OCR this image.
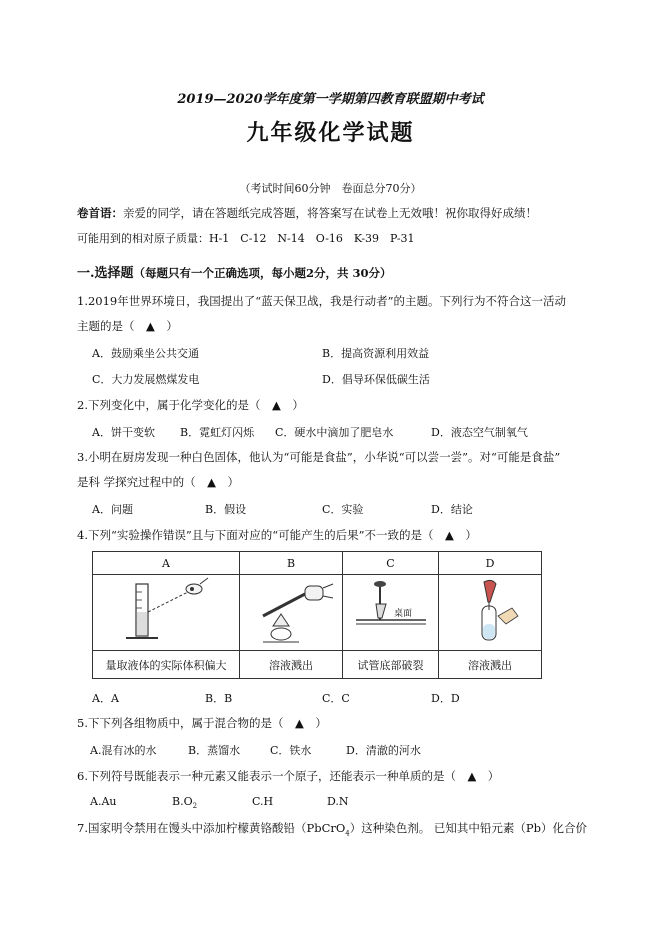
2019—2020学年度第一学期第四教育联盟期中考试
九年级化学试题
（考试时间60分钟　卷面总分70分）
卷首语：亲爱的同学，请在答题纸完成答题，将答案写在试卷上无效哦！祝你取得好成绩！
可能用到的相对原子质量：H-1　C-12　N-14　O-16　K-39　P-31
一.选择题（每题只有一个正确选项，每小题2分，共 30分）
1.2019年世界环境日，我国提出了“蓝天保卫战，我是行动者”的主题。下列行为不符合这一活动
主题的是（　▲　）
A．鼓励乘坐公共交通	B．提高资源利用效益
C．大力发展燃煤发电	D．倡导环保低碳生活
2.下列变化中，属于化学变化的是（　▲　）
A．饼干变软 B．霓虹灯闪烁 C．硬水中滴加了肥皂水	D．液态空气制氧气
3.小明在厨房发现一种白色固体，他认为“可能是食盐”，小华说“可以尝一尝”。对“可能是食盐”
是科 学探究过程中的（　▲　）
A．问题	B．假设	C．实验	D．结论
4.下列“实验操作错误”且与下面对应的“可能产生的后果”不一致的是（　▲　）
A	B	C	D

桌面

量取液体的实际体积偏大	溶液溅出	试管底部破裂	溶液溅出
A．A	B．B	C．C	D．D
5.下下列各组物质中，属于混合物的是（　▲　）
A.混有冰的水	B．蒸馏水	C．铁水	D．清澈的河水
6.下列符号既能表示一种元素又能表示一个原子，还能表示一种单质的是（　▲　）
A.Au	$B.O_2$	C.H	D.N
7.国家明令禁用在馒头中添加柠檬黄铬酸铅（PbCrO$_4$）这种染色剂。 已知其中铅元素（Pb）化合价
